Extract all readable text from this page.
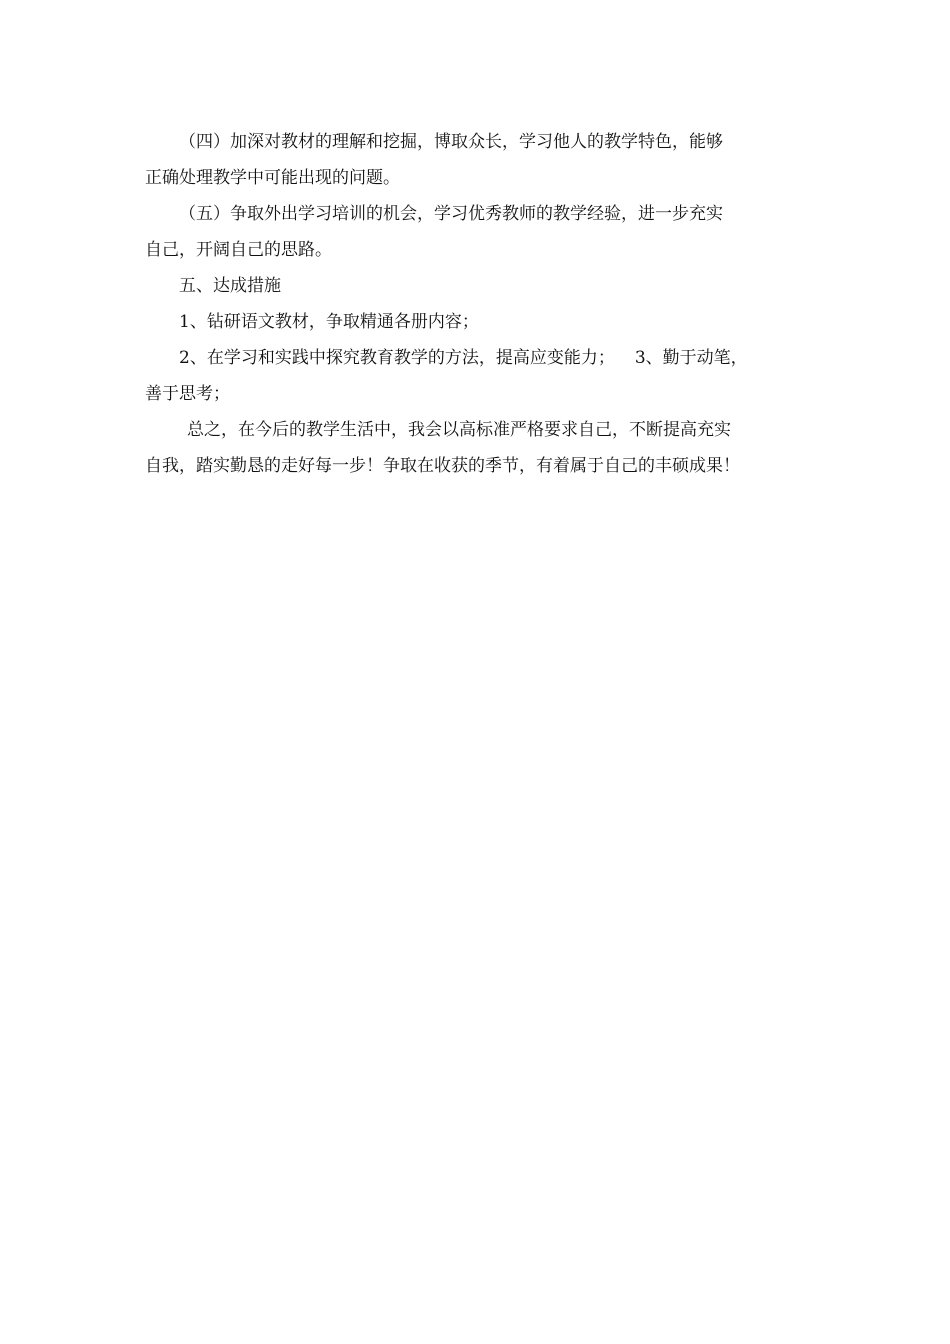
（四）加深对教材的理解和挖掘，博取众长，学习他人的教学特色，能够

正确处理教学中可能出现的问题。

（五）争取外出学习培训的机会，学习优秀教师的教学经验，进一步充实

自己，开阔自己的思路。

五、达成措施

1、钻研语文教材，争取精通各册内容；

2、在学习和实践中探究教育教学的方法，提高应变能力； 3、勤于动笔，

善于思考；

总之，在今后的教学生活中，我会以高标准严格要求自己，不断提高充实

自我，踏实勤恳的走好每一步！争取在收获的季节，有着属于自己的丰硕成果！
